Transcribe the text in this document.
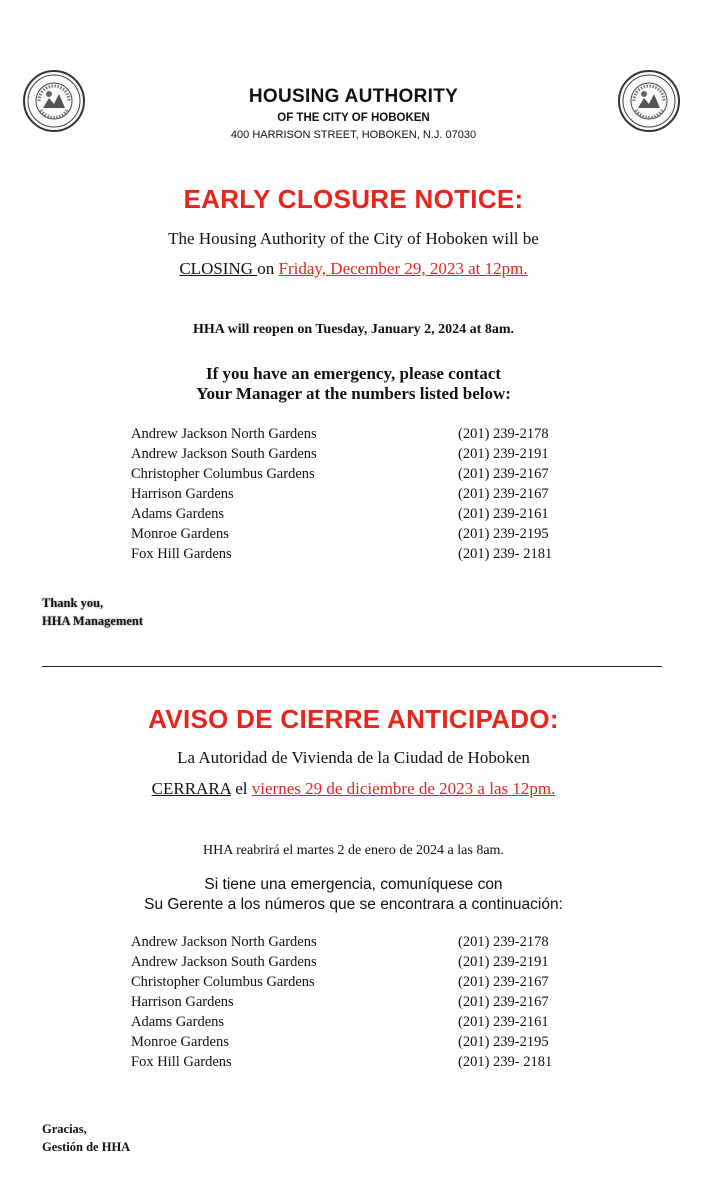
HOUSING AUTHORITY
OF THE CITY OF HOBOKEN
400 HARRISON STREET, HOBOKEN, N.J. 07030
EARLY CLOSURE NOTICE:
The Housing Authority of the City of Hoboken will be
CLOSING on Friday, December 29, 2023 at 12pm.
HHA will reopen on Tuesday, January 2, 2024 at 8am.
If you have an emergency, please contact
Your Manager at the numbers listed below:
Andrew Jackson North Gardens	(201) 239-2178
Andrew Jackson South Gardens	(201) 239-2191
Christopher Columbus Gardens	(201) 239-2167
Harrison Gardens	(201) 239-2167
Adams Gardens	(201) 239-2161
Monroe Gardens	(201) 239-2195
Fox Hill Gardens	(201) 239- 2181
Thank you,
HHA Management
AVISO DE CIERRE ANTICIPADO:
La Autoridad de Vivienda de la Ciudad de Hoboken
CERRARA el viernes 29 de diciembre de 2023 a las 12pm.
HHA reabrirá el martes 2 de enero de 2024 a las 8am.
Si tiene una emergencia, comuníquese con
Su Gerente a los números que se encontrara a continuación:
Andrew Jackson North Gardens	(201) 239-2178
Andrew Jackson South Gardens	(201) 239-2191
Christopher Columbus Gardens	(201) 239-2167
Harrison Gardens	(201) 239-2167
Adams Gardens	(201) 239-2161
Monroe Gardens	(201) 239-2195
Fox Hill Gardens	(201) 239- 2181
Gracias,
Gestión de HHA
